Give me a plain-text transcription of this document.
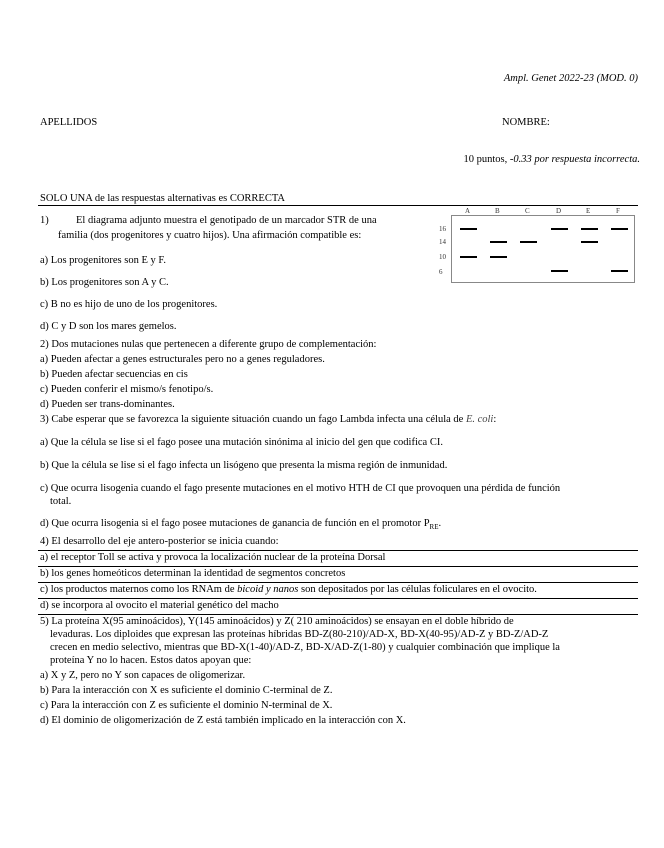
Ampl. Genet 2022-23 (MOD. 0)
APELLIDOS	NOMBRE:
10 puntos, -0.33 por respuesta incorrecta.
SOLO UNA de las respuestas alternativas es CORRECTA
1)	El diagrama adjunto muestra el genotipado de un marcador STR de una
familia (dos progenitores y cuatro hijos). Una afirmación compatible es:
a) Los progenitores son E y F.
b) Los progenitores son A y C.
c) B no es hijo de uno de los progenitores.
d) C y D son los mares gemelos.
A	B	C	D	E	F
16
14
10
6
2) Dos mutaciones nulas que pertenecen a diferente grupo de complementación:
a) Pueden afectar a genes estructurales pero no a genes reguladores.
b) Pueden afectar secuencias en cis
c) Pueden conferir el mismo/s fenotipo/s.
d) Pueden ser trans-dominantes.
3) Cabe esperar que se favorezca la siguiente situación cuando un fago Lambda infecta una célula de E. coli:
a) Que la célula se lise si el fago posee una mutación sinónima al inicio del gen que codifica CI.
b) Que la célula se lise si el fago infecta un lisógeno que presenta la misma región de inmunidad.
c) Que ocurra lisogenia cuando el fago presente mutaciones en el motivo HTH de CI que provoquen una pérdida de función
total.
d) Que ocurra lisogenia si el fago posee mutaciones de ganancia de función en el promotor $P_{RE}$.
4) El desarrollo del eje antero-posterior se inicia cuando:
a) el receptor Toll se activa y provoca la localización nuclear de la proteína Dorsal
b) los genes homeóticos determinan la identidad de segmentos concretos
c) los productos maternos como los RNAm de bicoid y nanos son depositados por las células foliculares en el ovocito.
d) se incorpora al ovocito el material genético del macho
5) La proteína X(95 aminoácidos), Y(145 aminoácidos) y Z( 210 aminoácidos) se ensayan en el doble híbrido de
levaduras. Los diploides que expresan las proteínas híbridas BD-Z(80-210)/AD-X, BD-X(40-95)/AD-Z y BD-Z/AD-Z
crecen en medio selectivo, mientras que BD-X(1-40)/AD-Z, BD-X/AD-Z(1-80) y cualquier combinación que implique la
proteína Y no lo hacen. Estos datos apoyan que:
a) X y Z, pero no Y son capaces de oligomerizar.
b) Para la interacción con X es suficiente el dominio C-terminal de Z.
c) Para la interacción con Z es suficiente el dominio N-terminal de X.
d) El dominio de oligomerización de Z está también implicado en la interacción con X.
